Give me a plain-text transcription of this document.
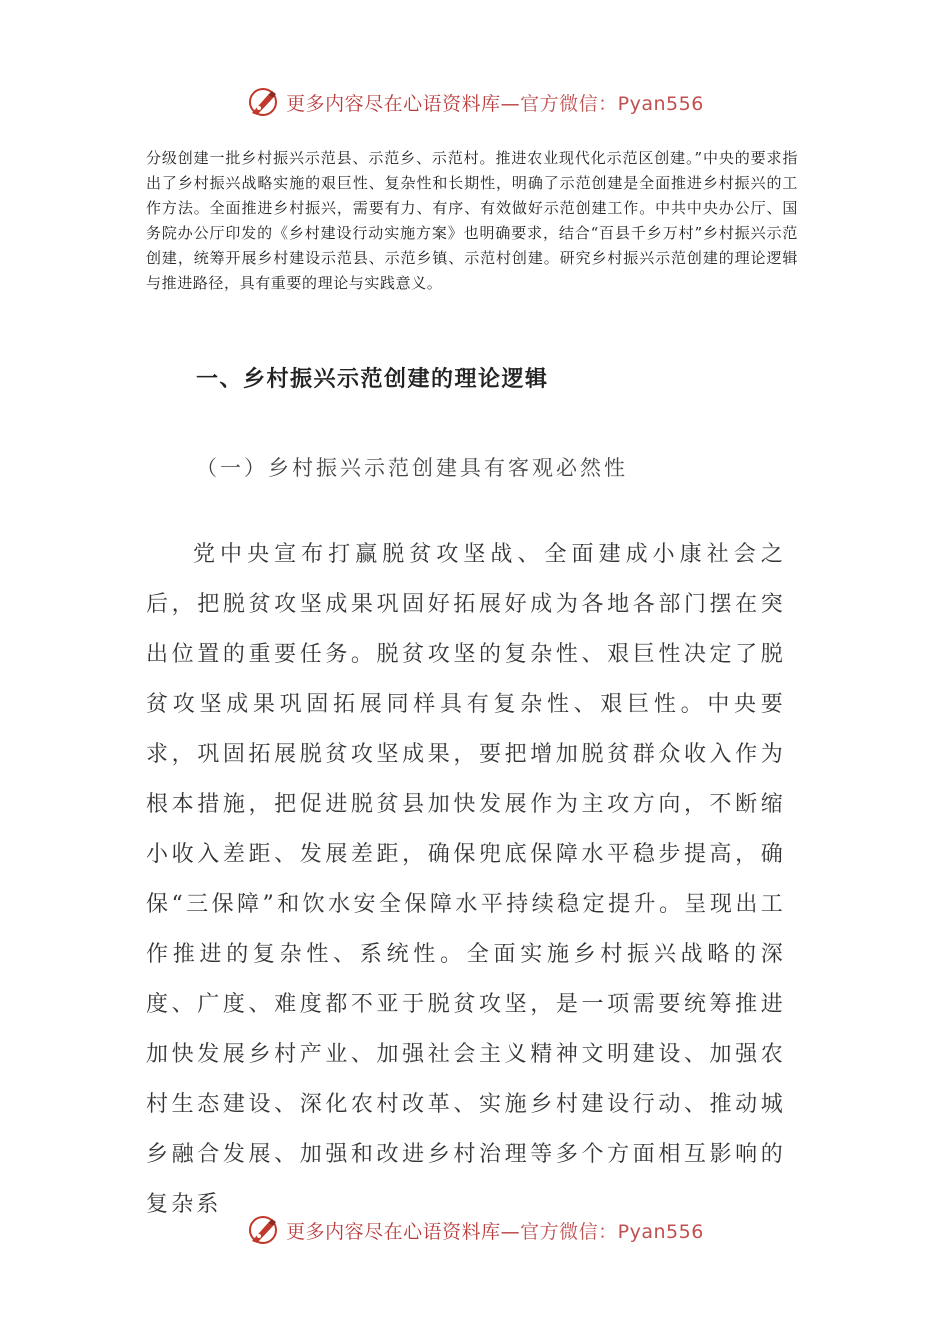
更多内容尽在心语资料库—官方微信：Pyan556

分级创建一批乡村振兴示范县、示范乡、示范村。推进农业现代化示范区创建。”中央的要求指出了乡村振兴战略实施的艰巨性、复杂性和长期性，明确了示范创建是全面推进乡村振兴的工作方法。全面推进乡村振兴，需要有力、有序、有效做好示范创建工作。中共中央办公厅、国务院办公厅印发的《乡村建设行动实施方案》也明确要求，结合“百县千乡万村”乡村振兴示范创建，统筹开展乡村建设示范县、示范乡镇、示范村创建。研究乡村振兴示范创建的理论逻辑与推进路径，具有重要的理论与实践意义。

一、乡村振兴示范创建的理论逻辑
（一）乡村振兴示范创建具有客观必然性

党中央宣布打赢脱贫攻坚战、全面建成小康社会之后，把脱贫攻坚成果巩固好拓展好成为各地各部门摆在突出位置的重要任务。脱贫攻坚的复杂性、艰巨性决定了脱贫攻坚成果巩固拓展同样具有复杂性、艰巨性。中央要求，巩固拓展脱贫攻坚成果，要把增加脱贫群众收入作为根本措施，把促进脱贫县加快发展作为主攻方向，不断缩小收入差距、发展差距，确保兜底保障水平稳步提高，确保“三保障”和饮水安全保障水平持续稳定提升。呈现出工作推进的复杂性、系统性。全面实施乡村振兴战略的深度、广度、难度都不亚于脱贫攻坚，是一项需要统筹推进加快发展乡村产业、加强社会主义精神文明建设、加强农村生态建设、深化农村改革、实施乡村建设行动、推动城乡融合发展、加强和改进乡村治理等多个方面相互影响的复杂系

更多内容尽在心语资料库—官方微信：Pyan556
